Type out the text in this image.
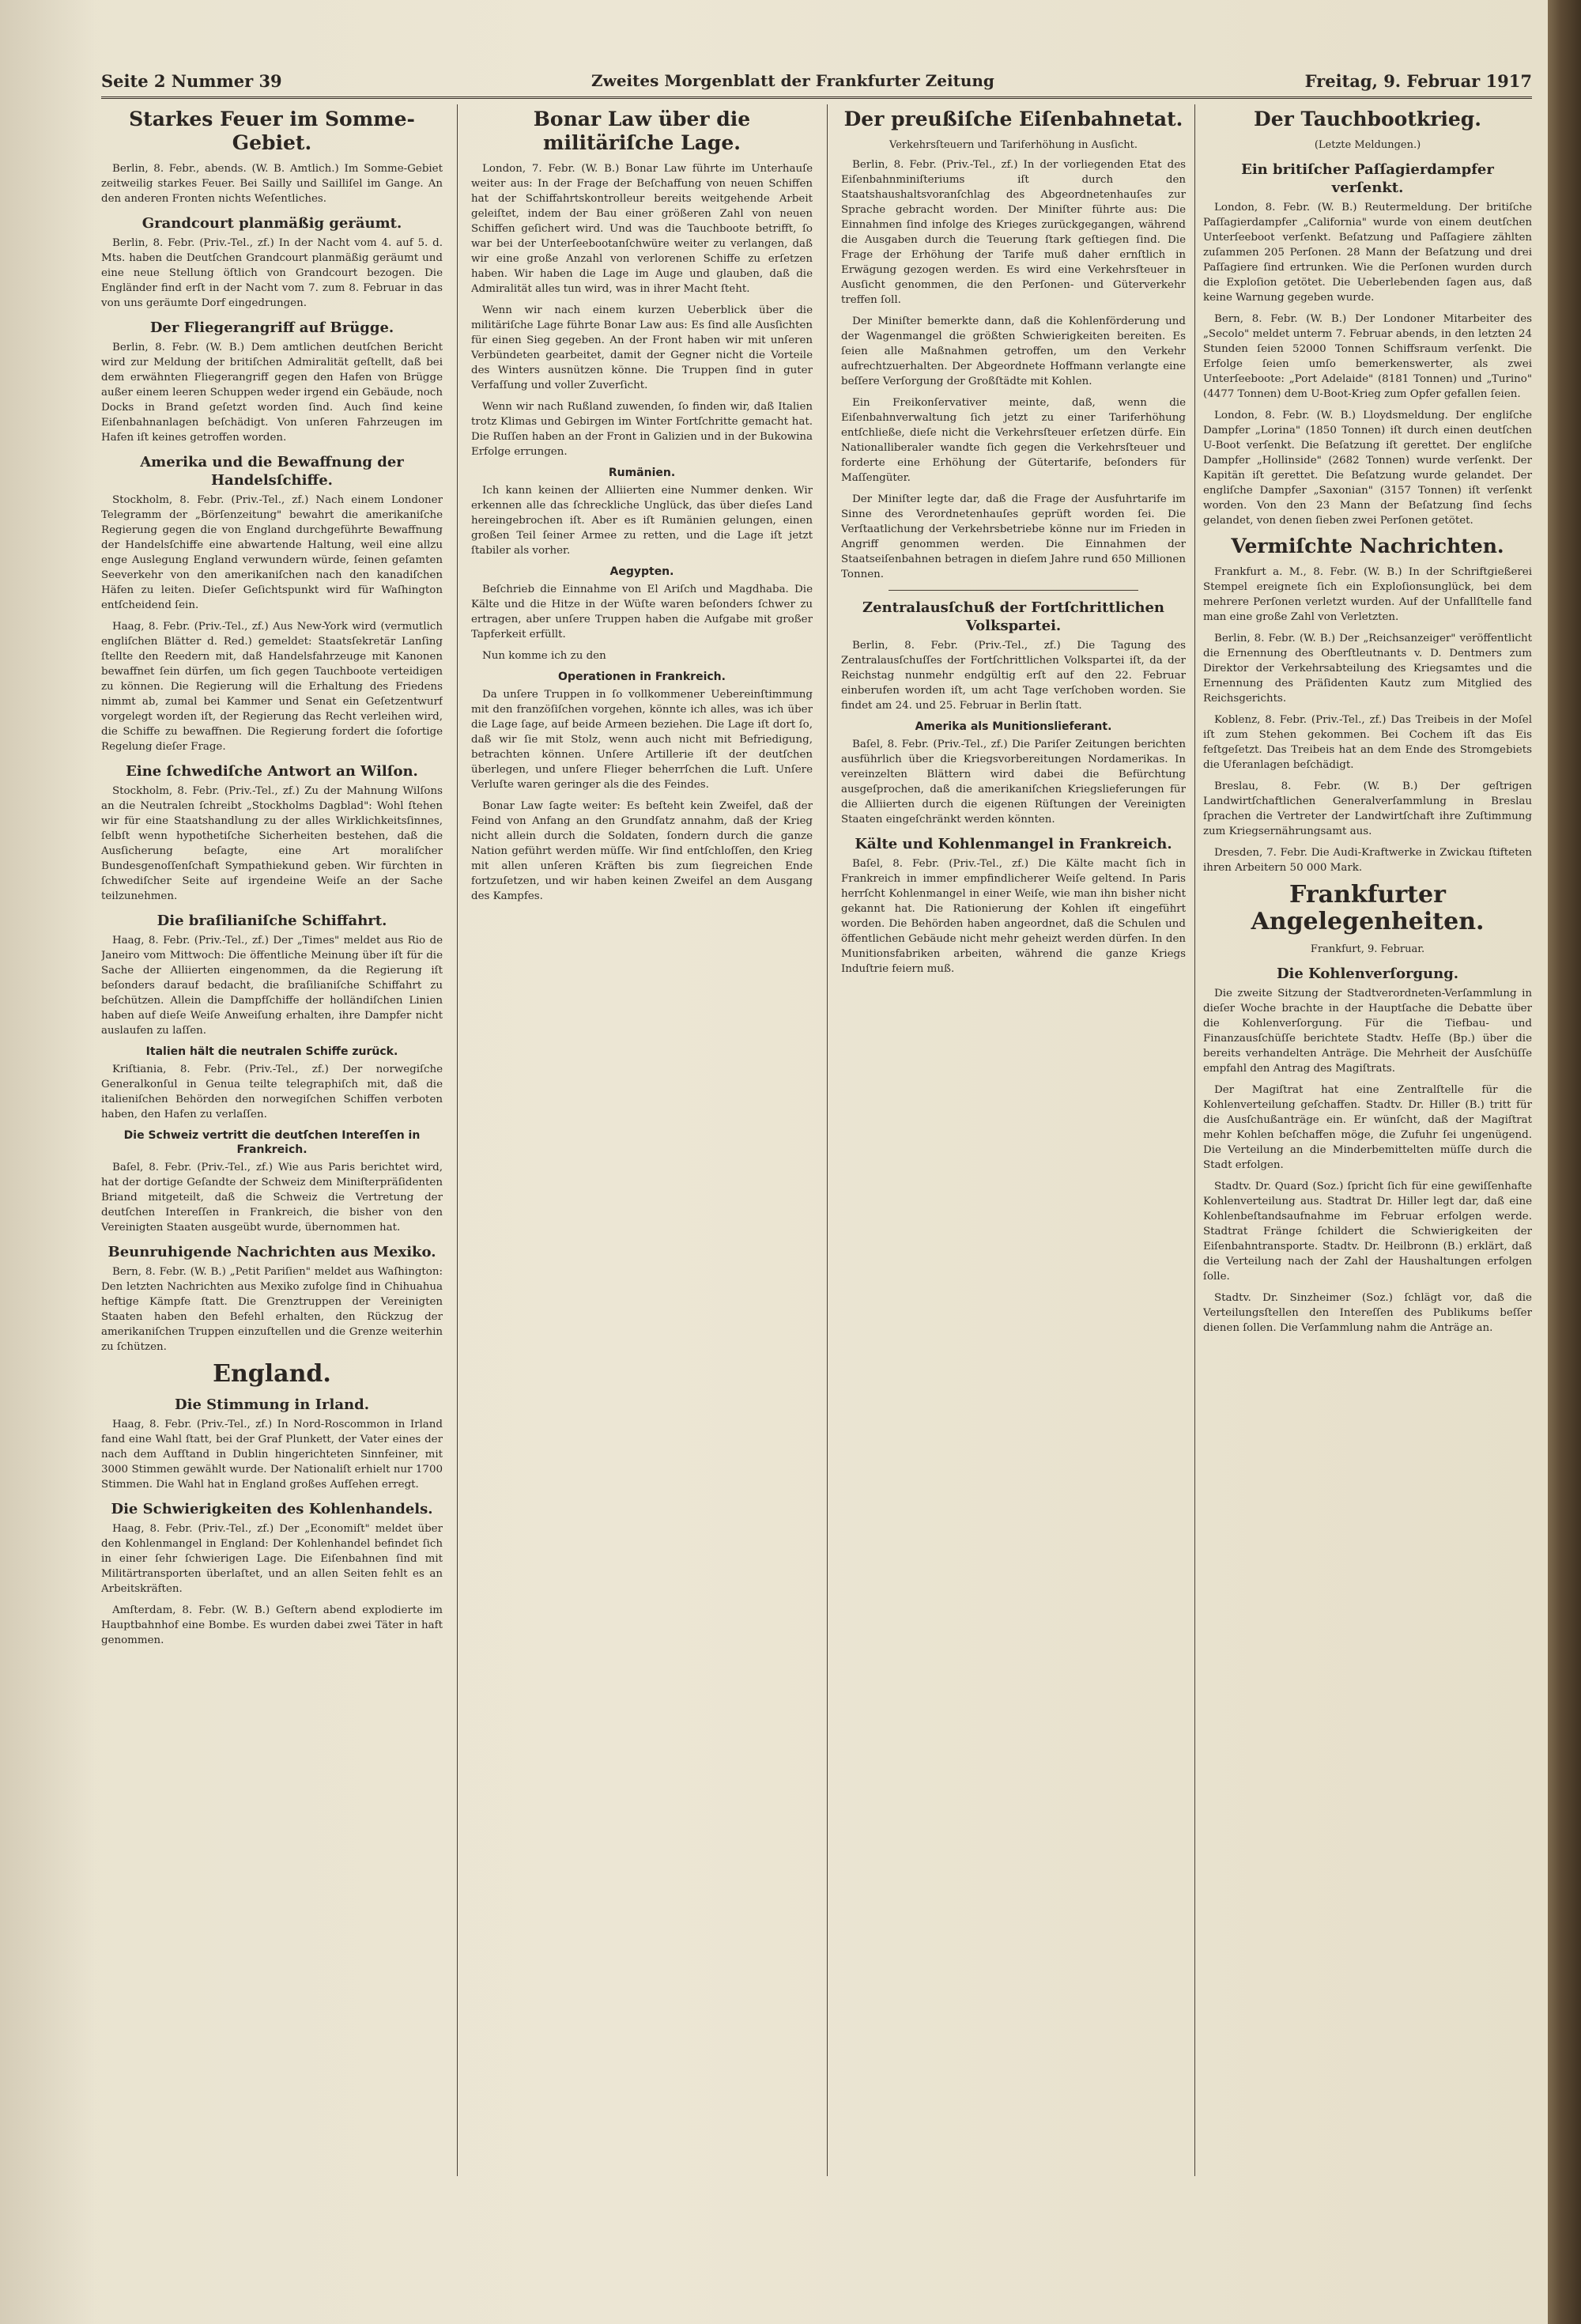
Seite 2 Nummer 39	Zweites Morgenblatt der Frankfurter Zeitung	Freitag, 9. Februar 1917
Starkes Feuer im Somme-Gebiet.

Berlin, 8. Febr., abends. (W. B. Amtlich.) Im Somme-Gebiet zeitweilig starkes Feuer. Bei Sailly und Sailliſel im Gange. An den anderen Fronten nichts Weſentliches.

Grandcourt planmäßig geräumt.

Berlin, 8. Febr. (Priv.-Tel., zf.) In der Nacht vom 4. auf 5. d. Mts. haben die Deutſchen Grandcourt planmäßig geräumt und eine neue Stellung öſtlich von Grandcourt bezogen. Die Engländer find erſt in der Nacht vom 7. zum 8. Februar in das von uns geräumte Dorf eingedrungen.

Der Fliegerangriff auf Brügge.

Berlin, 8. Febr. (W. B.) Dem amtlichen deutſchen Bericht wird zur Meldung der britiſchen Admiralität geſtellt, daß bei dem erwähnten Fliegerangriff gegen den Hafen von Brügge außer einem leeren Schuppen weder irgend ein Gebäude, noch Docks in Brand geſetzt worden ſind. Auch ſind keine Eiſenbahnanlagen beſchädigt. Von unſeren Fahrzeugen im Hafen iſt keines getroffen worden.

Amerika und die Bewaffnung der Handelsſchiffe.

Stockholm, 8. Febr. (Priv.-Tel., zf.) Nach einem Londoner Telegramm der „Börſenzeitung" bewahrt die amerikaniſche Regierung gegen die von England durchgeführte Bewaffnung der Handelsſchiffe eine abwartende Haltung, weil eine allzu enge Auslegung England verwundern würde, ſeinen geſamten Seeverkehr von den amerikaniſchen nach den kanadiſchen Häfen zu leiten. Dieſer Geſichtspunkt wird für Waſhington entſcheidend ſein.

Haag, 8. Febr. (Priv.-Tel., zf.) Aus New-York wird (vermutlich engliſchen Blätter d. Red.) gemeldet: Staatsſekretär Lanſing ſtellte den Reedern mit, daß Handelsfahrzeuge mit Kanonen bewaffnet ſein dürfen, um ſich gegen Tauchboote verteidigen zu können. Die Regierung will die Erhaltung des Friedens nimmt ab, zumal bei Kammer und Senat ein Geſetzentwurf vorgelegt worden iſt, der Regierung das Recht verleihen wird, die Schiffe zu bewaffnen. Die Regierung fordert die ſofortige Regelung dieſer Frage.

Eine ſchwediſche Antwort an Wilſon.

Stockholm, 8. Febr. (Priv.-Tel., zf.) Zu der Mahnung Wilſons an die Neutralen ſchreibt „Stockholms Dagblad": Wohl ſtehen wir für eine Staatshandlung zu der alles Wirklichkeitsſinnes, ſelbſt wenn hypothetiſche Sicherheiten bestehen, daß die Ausſicherung beſagte, eine Art moraliſcher Bundesgenoſſenſchaft Sympathiekund geben. Wir fürchten in ſchwediſcher Seite auf irgendeine Weiſe an der Sache teilzunehmen.

Die braſilianiſche Schiffahrt.

Haag, 8. Febr. (Priv.-Tel., zf.) Der „Times" meldet aus Rio de Janeiro vom Mittwoch: Die öffentliche Meinung über iſt für die Sache der Alliierten eingenommen, da die Regierung iſt beſonders darauf bedacht, die braſilianiſche Schiffahrt zu beſchützen. Allein die Dampfſchiffe der holländiſchen Linien haben auf dieſe Weiſe Anweiſung erhalten, ihre Dampfer nicht auslaufen zu laſſen.

Italien hält die neutralen Schiffe zurück.

Kriſtiania, 8. Febr. (Priv.-Tel., zf.) Der norwegiſche Generalkonſul in Genua teilte telegraphiſch mit, daß die italieniſchen Behörden den norwegiſchen Schiffen verboten haben, den Hafen zu verlaſſen.

Die Schweiz vertritt die deutſchen Intereſſen in Frankreich.

Baſel, 8. Febr. (Priv.-Tel., zf.) Wie aus Paris berichtet wird, hat der dortige Geſandte der Schweiz dem Miniſterpräſidenten Briand mitgeteilt, daß die Schweiz die Vertretung der deutſchen Intereſſen in Frankreich, die bisher von den Vereinigten Staaten ausgeübt wurde, übernommen hat.

Beunruhigende Nachrichten aus Mexiko.

Bern, 8. Febr. (W. B.) „Petit Pariſien" meldet aus Waſhington: Den letzten Nachrichten aus Mexiko zufolge ſind in Chihuahua heftige Kämpfe ſtatt. Die Grenztruppen der Vereinigten Staaten haben den Befehl erhalten, den Rückzug der amerikaniſchen Truppen einzuſtellen und die Grenze weiterhin zu ſchützen.

England.
Die Stimmung in Irland.

Haag, 8. Febr. (Priv.-Tel., zf.) In Nord-Roscommon in Irland fand eine Wahl ſtatt, bei der Graf Plunkett, der Vater eines der nach dem Aufſtand in Dublin hingerichteten Sinnfeiner, mit 3000 Stimmen gewählt wurde. Der Nationaliſt erhielt nur 1700 Stimmen. Die Wahl hat in England großes Aufſehen erregt.

Die Schwierigkeiten des Kohlenhandels.

Haag, 8. Febr. (Priv.-Tel., zf.) Der „Economiſt" meldet über den Kohlenmangel in England: Der Kohlenhandel befindet ſich in einer ſehr ſchwierigen Lage. Die Eiſenbahnen ſind mit Militärtransporten überlaſtet, und an allen Seiten fehlt es an Arbeitskräften.

Amſterdam, 8. Febr. (W. B.) Geſtern abend explodierte im Hauptbahnhof eine Bombe. Es wurden dabei zwei Täter in haft genommen.

Bonar Law über die militäriſche Lage.

London, 7. Febr. (W. B.) Bonar Law führte im Unterhauſe weiter aus: In der Frage der Beſchaffung von neuen Schiffen hat der Schiffahrtskontrolleur bereits weitgehende Arbeit geleiſtet, indem der Bau einer größeren Zahl von neuen Schiffen geſichert wird. Und was die Tauchboote betrifft, ſo war bei der Unterſeebootanſchwüre weiter zu verlangen, daß wir eine große Anzahl von verlorenen Schiffe zu erſetzen haben. Wir haben die Lage im Auge und glauben, daß die Admiralität alles tun wird, was in ihrer Macht ſteht.

Wenn wir nach einem kurzen Ueberblick über die militäriſche Lage führte Bonar Law aus: Es ſind alle Ausſichten für einen Sieg gegeben. An der Front haben wir mit unſeren Verbündeten gearbeitet, damit der Gegner nicht die Vorteile des Winters ausnützen könne. Die Truppen ſind in guter Verfaſſung und voller Zuverſicht.

Wenn wir nach Rußland zuwenden, ſo finden wir, daß Italien trotz Klimas und Gebirgen im Winter Fortſchritte gemacht hat. Die Ruſſen haben an der Front in Galizien und in der Bukowina Erfolge errungen.

Rumänien.

Ich kann keinen der Alliierten eine Nummer denken. Wir erkennen alle das ſchreckliche Unglück, das über dieſes Land hereingebrochen iſt. Aber es iſt Rumänien gelungen, einen großen Teil ſeiner Armee zu retten, und die Lage iſt jetzt ſtabiler als vorher.

Aegypten.

Beſchrieb die Einnahme von El Ariſch und Magdhaba. Die Kälte und die Hitze in der Wüſte waren beſonders ſchwer zu ertragen, aber unſere Truppen haben die Aufgabe mit großer Tapferkeit erfüllt.

Nun komme ich zu den

Operationen in Frankreich.

Da unſere Truppen in ſo vollkommener Uebereinſtimmung mit den franzöſiſchen vorgehen, könnte ich alles, was ich über die Lage ſage, auf beide Armeen beziehen. Die Lage iſt dort ſo, daß wir ſie mit Stolz, wenn auch nicht mit Befriedigung, betrachten können. Unſere Artillerie iſt der deutſchen überlegen, und unſere Flieger beherrſchen die Luft. Unſere Verluſte waren geringer als die des Feindes.

Bonar Law ſagte weiter: Es beſteht kein Zweifel, daß der Feind von Anfang an den Grundſatz annahm, daß der Krieg nicht allein durch die Soldaten, ſondern durch die ganze Nation geführt werden müſſe. Wir ſind entſchloſſen, den Krieg mit allen unſeren Kräften bis zum ſiegreichen Ende fortzuſetzen, und wir haben keinen Zweifel an dem Ausgang des Kampfes.

Der preußiſche Eiſenbahnetat.
Verkehrsſteuern und Tariferhöhung in Ausſicht.

Berlin, 8. Febr. (Priv.-Tel., zf.) In der vorliegenden Etat des Eiſenbahnminiſteriums iſt durch den Staatshaushaltsvoranſchlag des Abgeordnetenhauſes zur Sprache gebracht worden. Der Miniſter führte aus: Die Einnahmen ſind infolge des Krieges zurückgegangen, während die Ausgaben durch die Teuerung ſtark geſtiegen ſind. Die Frage der Erhöhung der Tarife muß daher ernſtlich in Erwägung gezogen werden. Es wird eine Verkehrsſteuer in Ausſicht genommen, die den Perſonen- und Güterverkehr treffen ſoll.

Der Miniſter bemerkte dann, daß die Kohlenförderung und der Wagenmangel die größten Schwierigkeiten bereiten. Es ſeien alle Maßnahmen getroffen, um den Verkehr aufrechtzuerhalten. Der Abgeordnete Hoffmann verlangte eine beſſere Verſorgung der Großſtädte mit Kohlen.

Ein Freikonſervativer meinte, daß, wenn die Eiſenbahnverwaltung ſich jetzt zu einer Tariferhöhung entſchließe, dieſe nicht die Verkehrsſteuer erſetzen dürfe. Ein Nationalliberaler wandte ſich gegen die Verkehrsſteuer und forderte eine Erhöhung der Gütertarife, beſonders für Maſſengüter.

Der Miniſter legte dar, daß die Frage der Ausfuhrtarife im Sinne des Verordnetenhauſes geprüft worden ſei. Die Verſtaatlichung der Verkehrsbetriebe könne nur im Frieden in Angriff genommen werden. Die Einnahmen der Staatseiſenbahnen betragen in dieſem Jahre rund 650 Millionen Tonnen.

Zentralausſchuß der Fortſchrittlichen Volkspartei.

Berlin, 8. Febr. (Priv.-Tel., zf.) Die Tagung des Zentralausſchuſſes der Fortſchrittlichen Volkspartei iſt, da der Reichstag nunmehr endgültig erſt auf den 22. Februar einberufen worden iſt, um acht Tage verſchoben worden. Sie findet am 24. und 25. Februar in Berlin ſtatt.

Amerika als Munitionslieferant.

Baſel, 8. Febr. (Priv.-Tel., zf.) Die Pariſer Zeitungen berichten ausführlich über die Kriegsvorbereitungen Nordamerikas. In vereinzelten Blättern wird dabei die Befürchtung ausgeſprochen, daß die amerikaniſchen Kriegslieferungen für die Alliierten durch die eigenen Rüſtungen der Vereinigten Staaten eingeſchränkt werden könnten.

Kälte und Kohlenmangel in Frankreich.

Baſel, 8. Febr. (Priv.-Tel., zf.) Die Kälte macht ſich in Frankreich in immer empfindlicherer Weiſe geltend. In Paris herrſcht Kohlenmangel in einer Weiſe, wie man ihn bisher nicht gekannt hat. Die Rationierung der Kohlen iſt eingeführt worden. Die Behörden haben angeordnet, daß die Schulen und öffentlichen Gebäude nicht mehr geheizt werden dürfen. In den Munitionsfabriken arbeiten, während die ganze Kriegs Induſtrie feiern muß.

Der Tauchbootkrieg.
(Letzte Meldungen.)
Ein britiſcher Paſſagierdampfer verſenkt.

London, 8. Febr. (W. B.) Reutermeldung. Der britiſche Paſſagierdampfer „California" wurde von einem deutſchen Unterſeeboot verſenkt. Beſatzung und Paſſagiere zählten zuſammen 205 Perſonen. 28 Mann der Beſatzung und drei Paſſagiere ſind ertrunken. Wie die Perſonen wurden durch die Exploſion getötet. Die Ueberlebenden ſagen aus, daß keine Warnung gegeben wurde.

Bern, 8. Febr. (W. B.) Der Londoner Mitarbeiter des „Secolo" meldet unterm 7. Februar abends, in den letzten 24 Stunden ſeien 52000 Tonnen Schiffsraum verſenkt. Die Erfolge ſeien umſo bemerkenswerter, als zwei Unterſeeboote: „Port Adelaide" (8181 Tonnen) und „Turino" (4477 Tonnen) dem U-Boot-Krieg zum Opfer gefallen ſeien.

London, 8. Febr. (W. B.) Lloydsmeldung. Der engliſche Dampfer „Lorina" (1850 Tonnen) iſt durch einen deutſchen U-Boot verſenkt. Die Beſatzung iſt gerettet. Der engliſche Dampfer „Hollinside" (2682 Tonnen) wurde verſenkt. Der Kapitän iſt gerettet. Die Beſatzung wurde gelandet. Der engliſche Dampfer „Saxonian" (3157 Tonnen) iſt verſenkt worden. Von den 23 Mann der Beſatzung ſind ſechs gelandet, von denen ſieben zwei Perſonen getötet.

Vermiſchte Nachrichten.

Frankfurt a. M., 8. Febr. (W. B.) In der Schriftgießerei Stempel ereignete ſich ein Exploſionsunglück, bei dem mehrere Perſonen verletzt wurden. Auf der Unfallſtelle fand man eine große Zahl von Verletzten.

Berlin, 8. Febr. (W. B.) Der „Reichsanzeiger" veröffentlicht die Ernennung des Oberſtleutnants v. D. Dentmers zum Direktor der Verkehrsabteilung des Kriegsamtes und die Ernennung des Präſidenten Kautz zum Mitglied des Reichsgerichts.

Koblenz, 8. Febr. (Priv.-Tel., zf.) Das Treibeis in der Moſel iſt zum Stehen gekommen. Bei Cochem iſt das Eis feſtgeſetzt. Das Treibeis hat an dem Ende des Stromgebiets die Uferanlagen beſchädigt.

Breslau, 8. Febr. (W. B.) Der geſtrigen Landwirtſchaftlichen Generalverſammlung in Breslau ſprachen die Vertreter der Landwirtſchaft ihre Zuſtimmung zum Kriegsernährungsamt aus.

Dresden, 7. Febr. Die Audi-Kraftwerke in Zwickau ſtifteten ihren Arbeitern 50 000 Mark.

Frankfurter Angelegenheiten.
Frankfurt, 9. Februar.
Die Kohlenverſorgung.

Die zweite Sitzung der Stadtverordneten-Verſammlung in dieſer Woche brachte in der Hauptſache die Debatte über die Kohlenverſorgung. Für die Tiefbau- und Finanzausſchüſſe berichtete Stadtv. Heſſe (Bp.) über die bereits verhandelten Anträge. Die Mehrheit der Ausſchüſſe empfahl den Antrag des Magiſtrats.

Der Magiſtrat hat eine Zentralſtelle für die Kohlenverteilung geſchaffen. Stadtv. Dr. Hiller (B.) tritt für die Ausſchußanträge ein. Er wünſcht, daß der Magiſtrat mehr Kohlen beſchaffen möge, die Zufuhr ſei ungenügend. Die Verteilung an die Minderbemittelten müſſe durch die Stadt erfolgen.

Stadtv. Dr. Quard (Soz.) ſpricht ſich für eine gewiſſenhafte Kohlenverteilung aus. Stadtrat Dr. Hiller legt dar, daß eine Kohlenbeſtandsaufnahme im Februar erfolgen werde. Stadtrat Fränge ſchildert die Schwierigkeiten der Eiſenbahntransporte. Stadtv. Dr. Heilbronn (B.) erklärt, daß die Verteilung nach der Zahl der Haushaltungen erfolgen ſolle.

Stadtv. Dr. Sinzheimer (Soz.) ſchlägt vor, daß die Verteilungsſtellen den Intereſſen des Publikums beſſer dienen ſollen. Die Verſammlung nahm die Anträge an.
